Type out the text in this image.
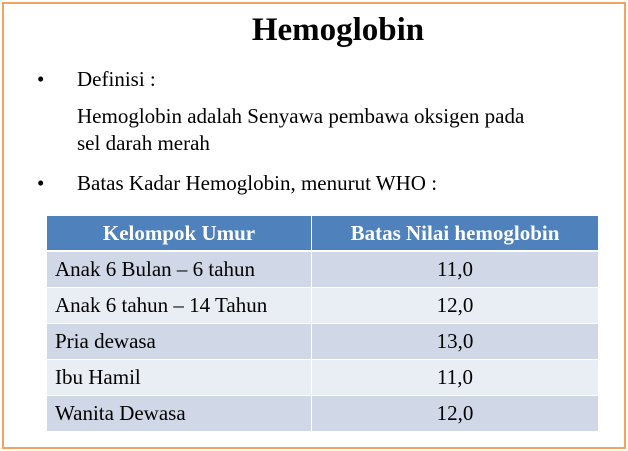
Hemoglobin
•	Definisi :
Hemoglobin adalah Senyawa pembawa oksigen pada
sel darah merah
•	Batas Kadar Hemoglobin, menurut WHO :
Kelompok Umur	Batas Nilai hemoglobin
Anak 6 Bulan – 6 tahun	11,0
Anak 6 tahun – 14 Tahun	12,0
Pria dewasa	13,0
Ibu Hamil	11,0
Wanita Dewasa	12,0
